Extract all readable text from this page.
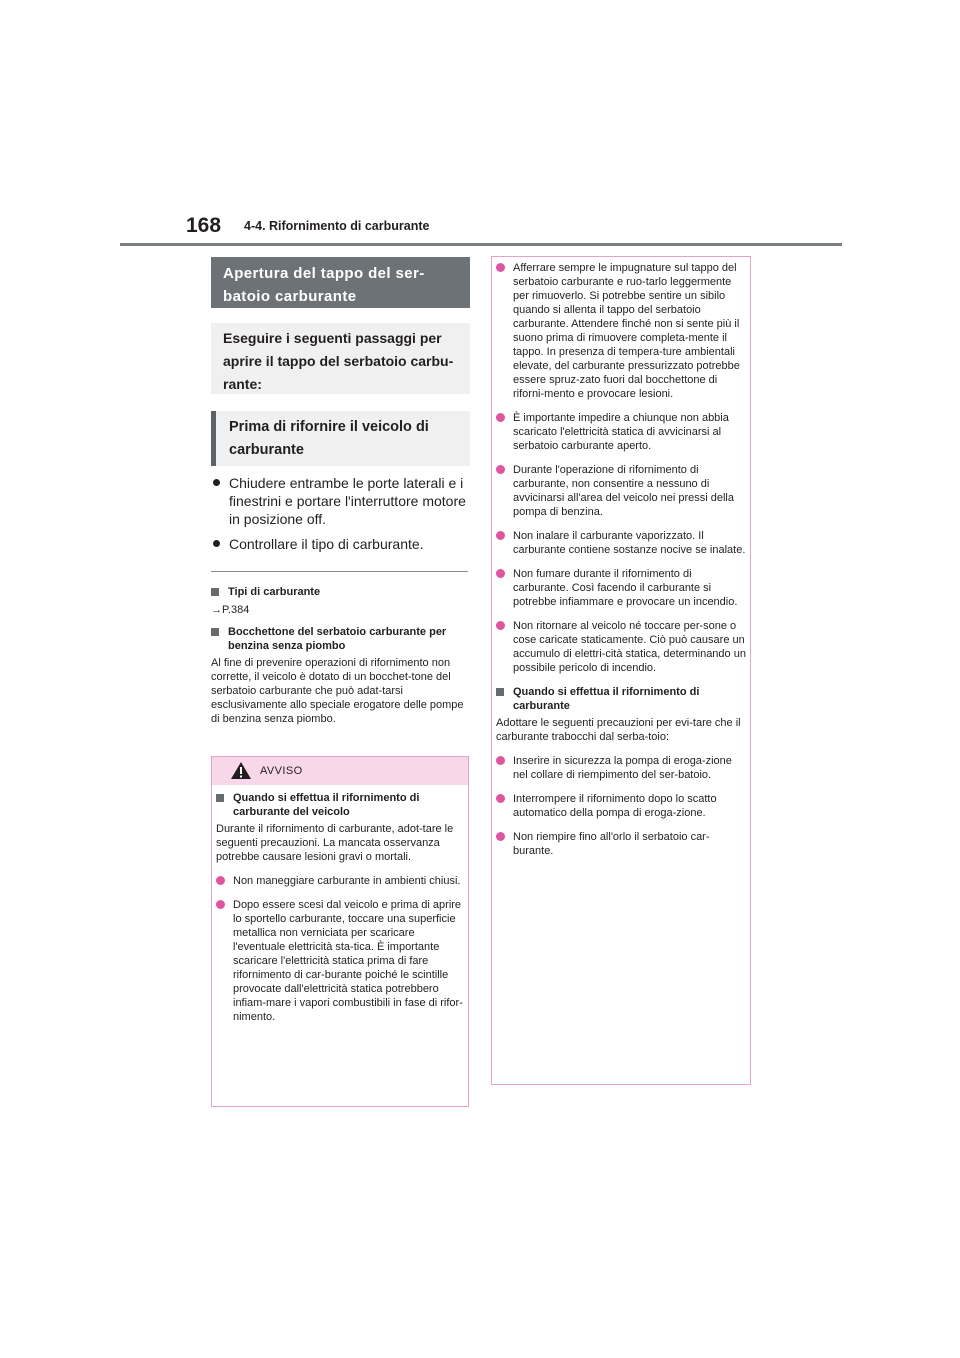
168 4-4. Rifornimento di carburante
Apertura del tappo del ser-batoio carburante
Eseguire i seguenti passaggi per aprire il tappo del serbatoio carbu-rante:
Prima di rifornire il veicolo di carburante
Chiudere entrambe le porte laterali e i finestrini e portare l'interruttore motore in posizione off.
Controllare il tipo di carburante.
Tipi di carburante
→P.384
Bocchettone del serbatoio carburante per benzina senza piombo
Al fine di prevenire operazioni di rifornimento non corrette, il veicolo è dotato di un bocchet-tone del serbatoio carburante che può adat-tarsi esclusivamente allo speciale erogatore delle pompe di benzina senza piombo.
AVVISO
Quando si effettua il rifornimento di carburante del veicolo
Durante il rifornimento di carburante, adot-tare le seguenti precauzioni. La mancata osservanza potrebbe causare lesioni gravi o mortali.
Non maneggiare carburante in ambienti chiusi.
Dopo essere scesi dal veicolo e prima di aprire lo sportello carburante, toccare una superficie metallica non verniciata per scaricare l'eventuale elettricità sta-tica. È importante scaricare l'elettricità statica prima di fare rifornimento di car-burante poiché le scintille provocate dall'elettricità statica potrebbero infiam-mare i vapori combustibili in fase di rifor-nimento.
Afferrare sempre le impugnature sul tappo del serbatoio carburante e ruo-tarlo leggermente per rimuoverlo. Si potrebbe sentire un sibilo quando si allenta il tappo del serbatoio carburante. Attendere finché non si sente più il suono prima di rimuovere completa-mente il tappo. In presenza di tempera-ture ambientali elevate, del carburante pressurizzato potrebbe essere spruz-zato fuori dal bocchettone di riforni-mento e provocare lesioni.
È importante impedire a chiunque non abbia scaricato l'elettricità statica di avvicinarsi al serbatoio carburante aperto.
Durante l'operazione di rifornimento di carburante, non consentire a nessuno di avvicinarsi all'area del veicolo nei pressi della pompa di benzina.
Non inalare il carburante vaporizzato. Il carburante contiene sostanze nocive se inalate.
Non fumare durante il rifornimento di carburante. Così facendo il carburante si potrebbe infiammare e provocare un incendio.
Non ritornare al veicolo né toccare per-sone o cose caricate staticamente. Ciò può causare un accumulo di elettri-cità statica, determinando un possibile pericolo di incendio.
Quando si effettua il rifornimento di carburante
Adottare le seguenti precauzioni per evi-tare che il carburante trabocchi dal serba-toio:
Inserire in sicurezza la pompa di eroga-zione nel collare di riempimento del ser-batoio.
Interrompere il rifornimento dopo lo scatto automatico della pompa di eroga-zione.
Non riempire fino all'orlo il serbatoio car-burante.
